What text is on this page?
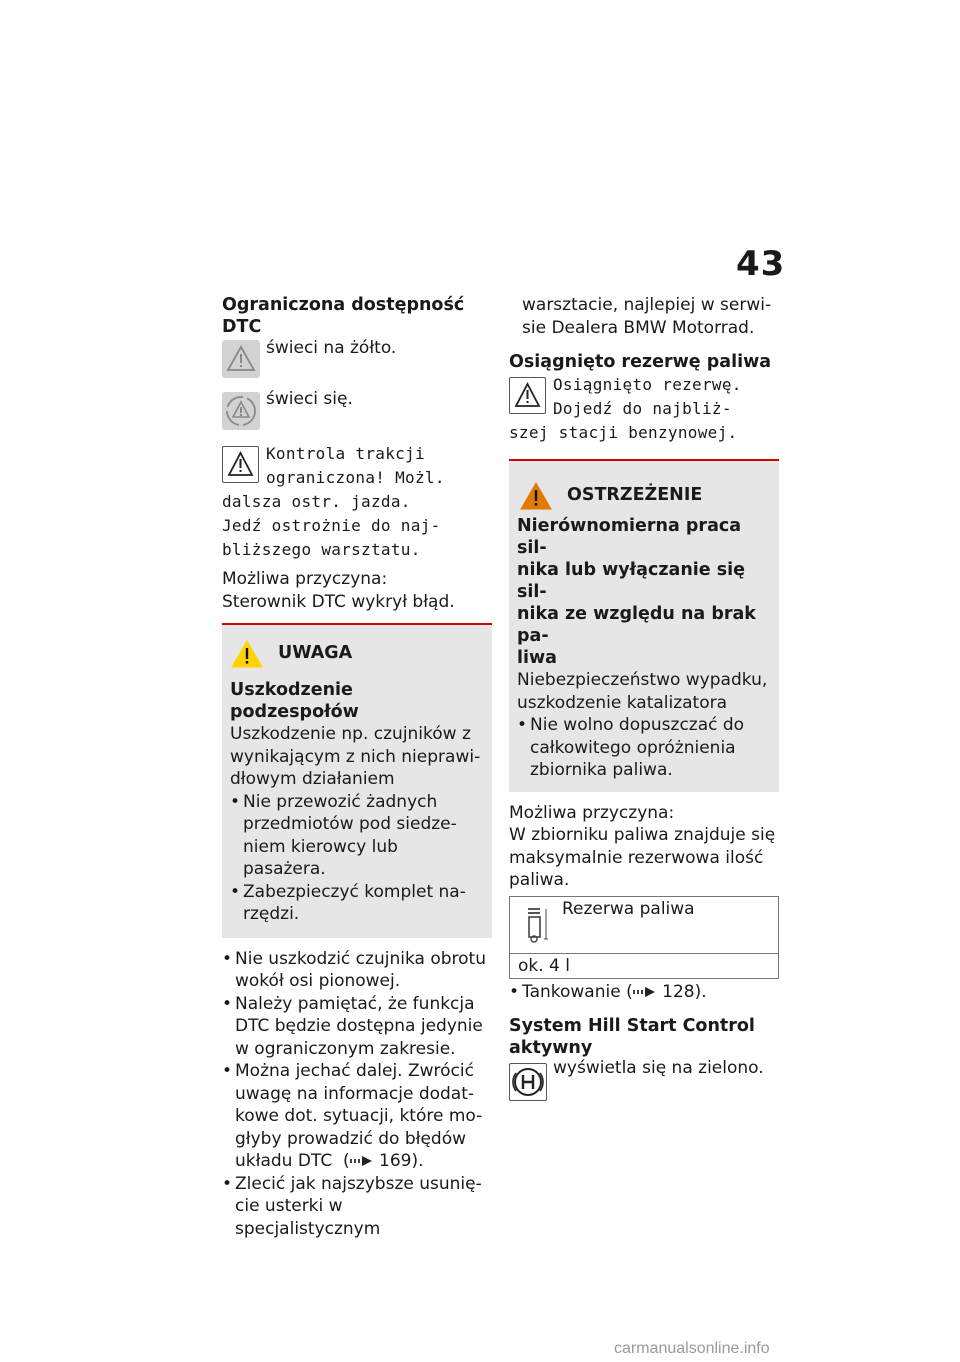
43
Ograniczona dostępność DTC
świeci na żółto.
świeci się.
Kontrola trakcji
ograniczona! Możl.
dalsza ostr. jazda.
Jedź ostrożnie do naj-
bliższego warsztatu.
Możliwa przyczyna:
Sterownik DTC wykrył błąd.
UWAGA
Uszkodzenie podzespołów
Uszkodzenie np. czujników z
wynikającym z nich nieprawi-
dłowym działaniem
• Nie przewozić żadnych
przedmiotów pod siedze-
niem kierowcy lub pasażera.
• Zabezpieczyć komplet na-
rzędzi.
• Nie uszkodzić czujnika obrotu
wokół osi pionowej.
• Należy pamiętać, że funkcja
DTC będzie dostępna jedynie
w ograniczonym zakresie.
• Można jechać dalej. Zwrócić
uwagę na informacje dodat-
kowe dot. sytuacji, które mo-
głyby prowadzić do błędów
układu DTC  ( 169).
• Zlecić jak najszybsze usunię-
cie usterki w specjalistycznym
warsztacie, najlepiej w serwi-
sie Dealera BMW Motorrad.
Osiągnięto rezerwę paliwa
Osiągnięto rezerwę.
Dojedź do najbliż-
szej stacji benzynowej.
OSTRZEŻENIE
Nierównomierna praca sil-
nika lub wyłączanie się sil-
nika ze względu na brak pa-
liwa
Niebezpieczeństwo wypadku,
uszkodzenie katalizatora
• Nie wolno dopuszczać do
całkowitego opróżnienia
zbiornika paliwa.
Możliwa przyczyna:
W zbiorniku paliwa znajduje się
maksymalnie rezerwowa ilość
paliwa.
Rezerwa paliwa

ok. 4 l
• Tankowanie ( 128).
System Hill Start Control
aktywny
wyświetla się na zielono.
carmanualsonline.info
